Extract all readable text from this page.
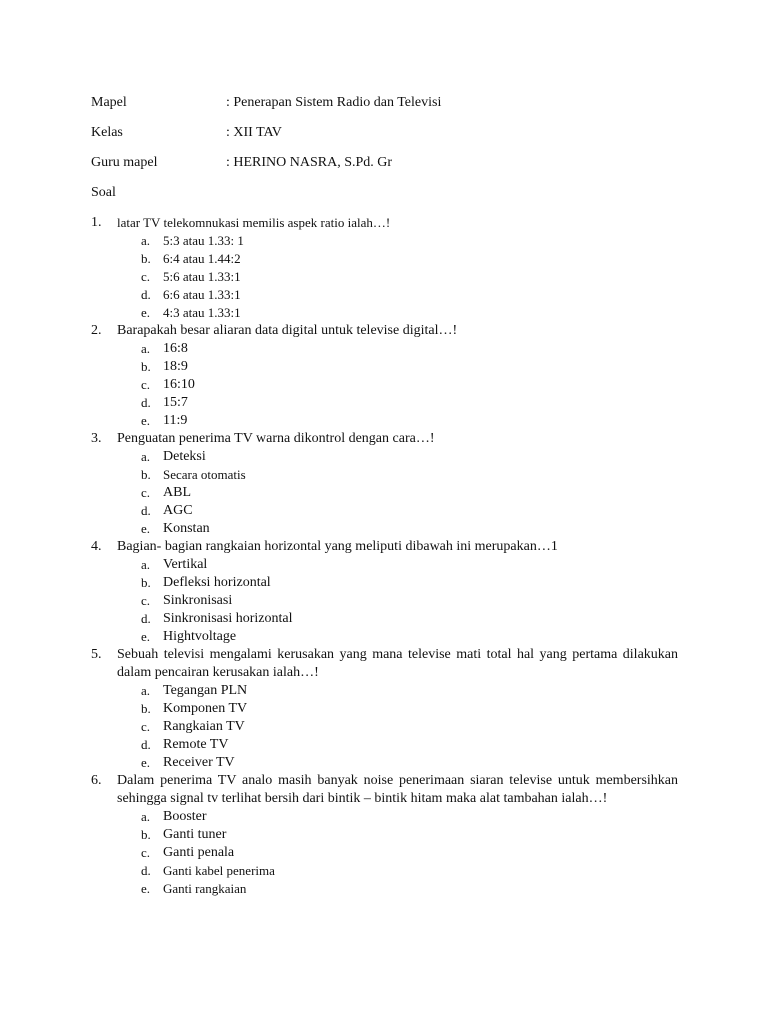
Mapel	: Penerapan Sistem Radio dan Televisi
Kelas	: XII TAV
Guru mapel	: HERINO NASRA, S.Pd. Gr
Soal
1.	latar TV telekomnukasi memilis aspek ratio ialah…!
a. 5:3 atau 1.33: 1
b. 6:4 atau 1.44:2
c. 5:6 atau 1.33:1
d. 6:6 atau 1.33:1
e. 4:3 atau 1.33:1
2.	Barapakah besar aliaran data digital untuk televise digital…!
a. 16:8
b. 18:9
c. 16:10
d. 15:7
e. 11:9
3.	Penguatan penerima TV warna dikontrol dengan cara…!
a. Deteksi
b. Secara otomatis
c. ABL
d. AGC
e. Konstan
4.	Bagian- bagian rangkaian horizontal yang meliputi dibawah ini merupakan…1
a. Vertikal
b. Defleksi horizontal
c. Sinkronisasi
d. Sinkronisasi horizontal
e. Hightvoltage
5.	Sebuah televisi mengalami kerusakan yang mana televise mati total hal yang pertama dilakukan dalam pencairan kerusakan ialah…!
a. Tegangan PLN
b. Komponen TV
c. Rangkaian TV
d. Remote TV
e. Receiver TV
6.	Dalam penerima TV analo masih banyak noise penerimaan siaran televise untuk membersihkan sehingga signal tv terlihat bersih dari bintik – bintik hitam maka alat tambahan ialah…!
a. Booster
b. Ganti tuner
c. Ganti penala
d. Ganti kabel penerima
e. Ganti rangkaian
